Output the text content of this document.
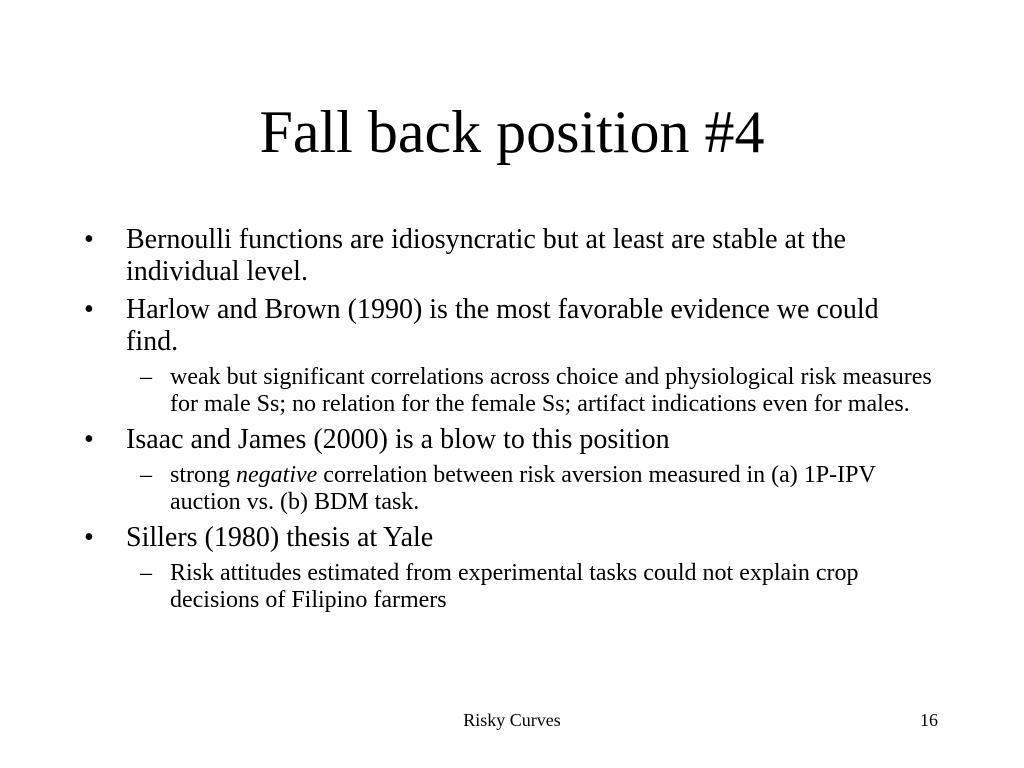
Fall back position #4
•	Bernoulli functions are idiosyncratic but at least are stable at the individual level.
•	Harlow and Brown (1990) is the most favorable evidence we could find.
– weak but significant correlations across choice and physiological risk measures for male Ss; no relation for the female Ss; artifact indications even for males.
•	Isaac and James (2000) is a blow to this position
– strong negative correlation between risk aversion measured in (a) 1P-IPV auction vs. (b) BDM task.
•	Sillers (1980) thesis at Yale
– Risk attitudes estimated from experimental tasks could not explain crop decisions of Filipino farmers
Risky Curves	16
